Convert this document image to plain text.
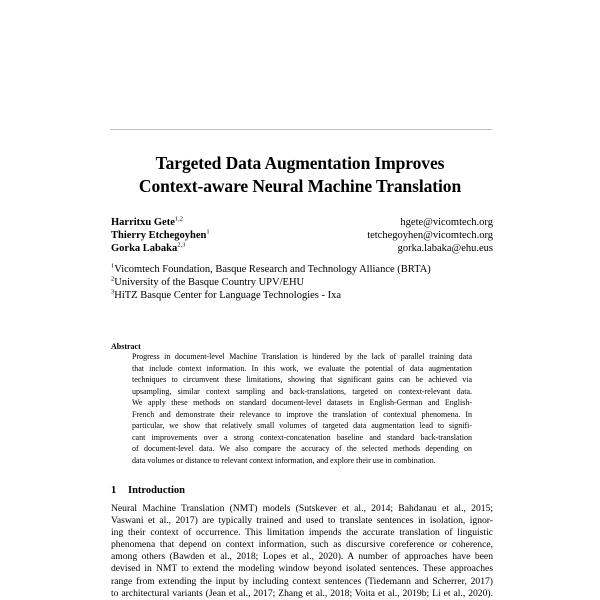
Targeted Data Augmentation Improves
Context-aware Neural Machine Translation
Harritxu Gete$^{1,2}$	hgete@vicomtech.org
Thierry Etchegoyhen$^1$	tetchegoyhen@vicomtech.org
Gorka Labaka$^{2,3}$	gorka.labaka@ehu.eus
$^1$Vicomtech Foundation, Basque Research and Technology Alliance (BRTA)
$^2$University of the Basque Country UPV/EHU
$^3$HiTZ Basque Center for Language Technologies - Ixa
Abstract
Progress in document-level Machine Translation is hindered by the lack of parallel training data
that include context information. In this work, we evaluate the potential of data augmentation
techniques to circumvent these limitations, showing that significant gains can be achieved via
upsampling, similar context sampling and back-translations, targeted on context-relevant data.
We apply these methods on standard document-level datasets in English-German and English-
French and demonstrate their relevance to improve the translation of contextual phenomena. In
particular, we show that relatively small volumes of targeted data augmentation lead to signifi-
cant improvements over a strong context-concatenation baseline and standard back-translation
of document-level data. We also compare the accuracy of the selected methods depending on
data volumes or distance to relevant context information, and explore their use in combination.
1 Introduction
Neural Machine Translation (NMT) models (Sutskever et al., 2014; Bahdanau et al., 2015;
Vaswani et al., 2017) are typically trained and used to translate sentences in isolation, ignor-
ing their context of occurrence. This limitation impends the accurate translation of linguistic
phenomena that depend on context information, such as discursive coreference or coherence,
among others (Bawden et al., 2018; Lopes et al., 2020). A number of approaches have been
devised in NMT to extend the modeling window beyond isolated sentences. These approaches
range from extending the input by including context sentences (Tiedemann and Scherrer, 2017)
to architectural variants (Jean et al., 2017; Zhang et al., 2018; Voita et al., 2019b; Li et al., 2020).
